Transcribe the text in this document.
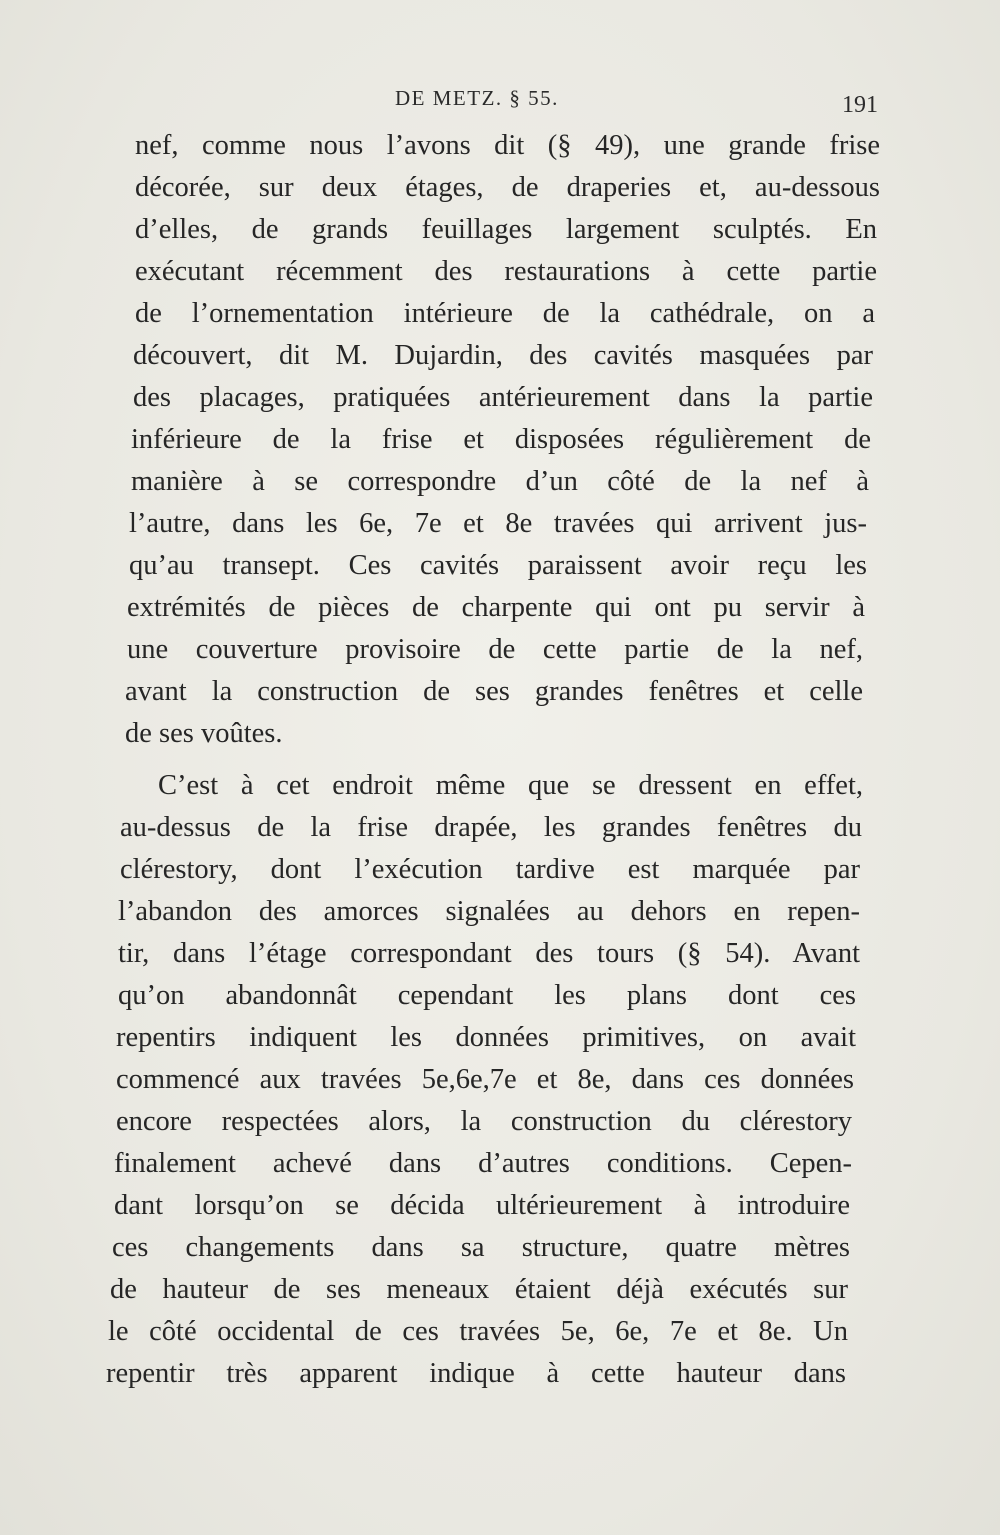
DE METZ. § 55.	191
nef, comme nous l’avons dit (§ 49), une grande frise
décorée, sur deux étages, de draperies et, au-dessous
d’elles, de grands feuillages largement sculptés. En
exécutant récemment des restaurations à cette partie
de l’ornementation intérieure de la cathédrale, on a
découvert, dit M. Dujardin, des cavités masquées par
des placages, pratiquées antérieurement dans la partie
inférieure de la frise et disposées régulièrement de
manière à se correspondre d’un côté de la nef à
l’autre, dans les 6e, 7e et 8e travées qui arrivent jus-
qu’au transept. Ces cavités paraissent avoir reçu les
extrémités de pièces de charpente qui ont pu servir à
une couverture provisoire de cette partie de la nef,
avant la construction de ses grandes fenêtres et celle
de ses voûtes.
C’est à cet endroit même que se dressent en effet,
au-dessus de la frise drapée, les grandes fenêtres du
clérestory, dont l’exécution tardive est marquée par
l’abandon des amorces signalées au dehors en repen-
tir, dans l’étage correspondant des tours (§ 54). Avant
qu’on abandonnât cependant les plans dont ces
repentirs indiquent les données primitives, on avait
commencé aux travées 5e,6e,7e et 8e, dans ces données
encore respectées alors, la construction du clérestory
finalement achevé dans d’autres conditions. Cepen-
dant lorsqu’on se décida ultérieurement à introduire
ces changements dans sa structure, quatre mètres
de hauteur de ses meneaux étaient déjà exécutés sur
le côté occidental de ces travées 5e, 6e, 7e et 8e. Un
repentir très apparent indique à cette hauteur dans
